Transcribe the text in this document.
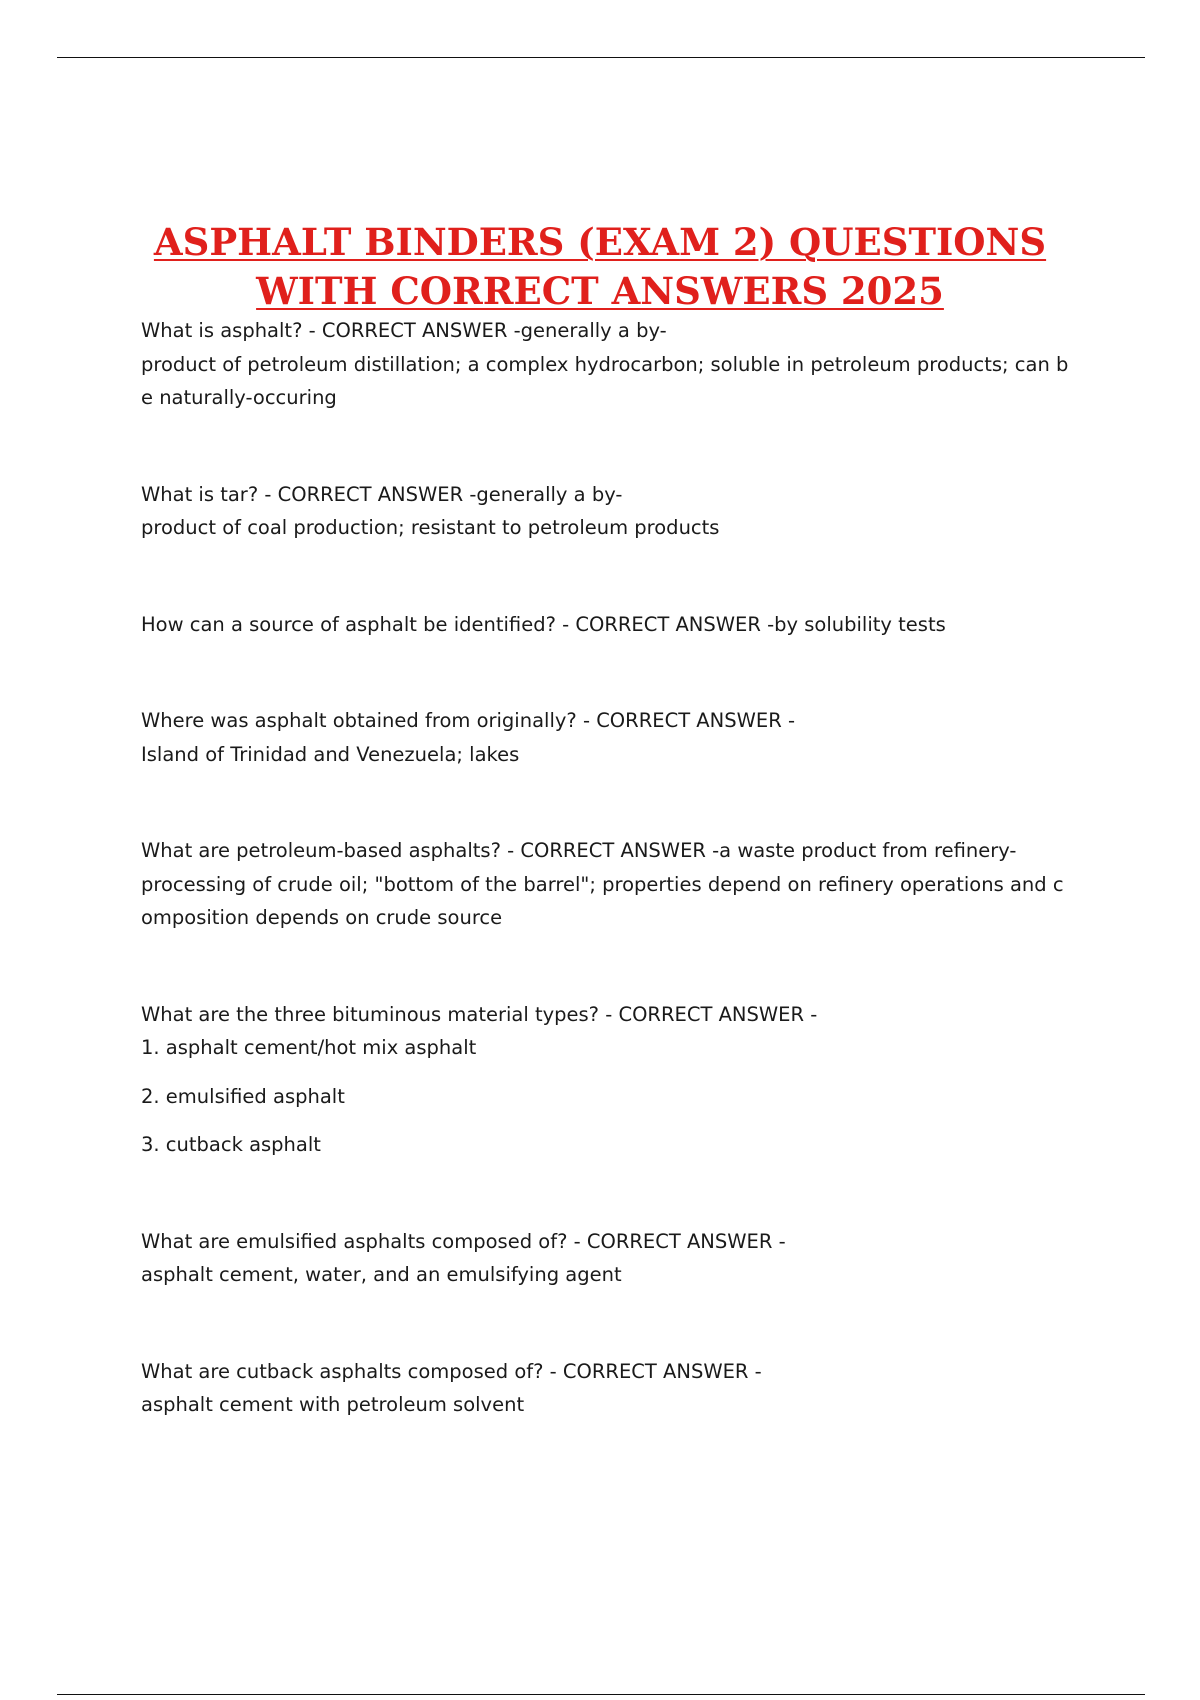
ASPHALT BINDERS (EXAM 2) QUESTIONS
WITH CORRECT ANSWERS 2025

What is asphalt? - CORRECT ANSWER -generally a by-

product of petroleum distillation; a complex hydrocarbon; soluble in petroleum products; can b

e naturally-occuring

What is tar? - CORRECT ANSWER -generally a by-

product of coal production; resistant to petroleum products

How can a source of asphalt be identified? - CORRECT ANSWER -by solubility tests

Where was asphalt obtained from originally? - CORRECT ANSWER -

Island of Trinidad and Venezuela; lakes

What are petroleum-based asphalts? - CORRECT ANSWER -a waste product from refinery-

processing of crude oil; "bottom of the barrel"; properties depend on refinery operations and c

omposition depends on crude source

What are the three bituminous material types? - CORRECT ANSWER -

1. asphalt cement/hot mix asphalt

2. emulsified asphalt

3. cutback asphalt

What are emulsified asphalts composed of? - CORRECT ANSWER -

asphalt cement, water, and an emulsifying agent

What are cutback asphalts composed of? - CORRECT ANSWER -

asphalt cement with petroleum solvent
